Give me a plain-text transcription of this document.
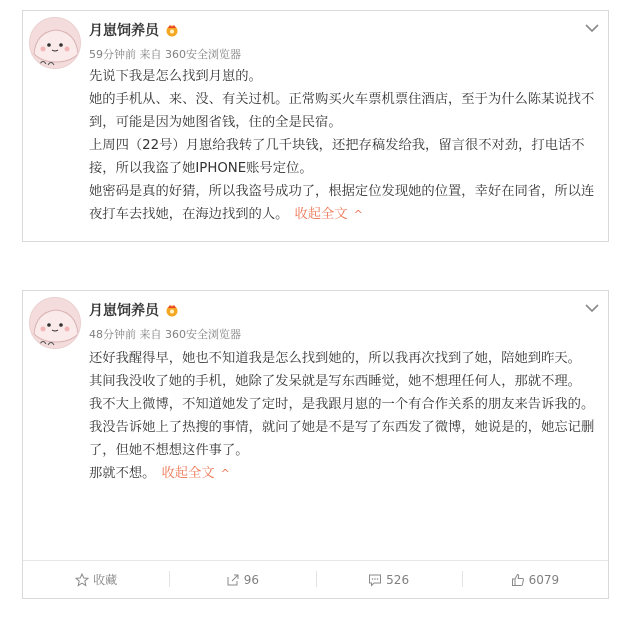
月崽饲养员
59分钟前 来自 360安全浏览器

先说下我是怎么找到月崽的。

她的手机从、来、没、有关过机。正常购买火车票机票住酒店，至于为什么陈某说找不到，可能是因为她图省钱，住的全是民宿。

上周四（22号）月崽给我转了几千块钱，还把存稿发给我，留言很不对劲，打电话不接，所以我盗了她IPHONE账号定位。

她密码是真的好猜，所以我盗号成功了，根据定位发现她的位置，幸好在同省，所以连夜打车去找她，在海边找到的人。 收起全文 ^

月崽饲养员
48分钟前 来自 360安全浏览器

还好我醒得早，她也不知道我是怎么找到她的，所以我再次找到了她，陪她到昨天。

其间我没收了她的手机，她除了发呆就是写东西睡觉，她不想理任何人，那就不理。

我不大上微博，不知道她发了定时，是我跟月崽的一个有合作关系的朋友来告诉我的。

我没告诉她上了热搜的事情，就问了她是不是写了东西发了微博，她说是的，她忘记删了，但她不想想这件事了。

那就不想。 收起全文 ^

收藏	96	526	6079
